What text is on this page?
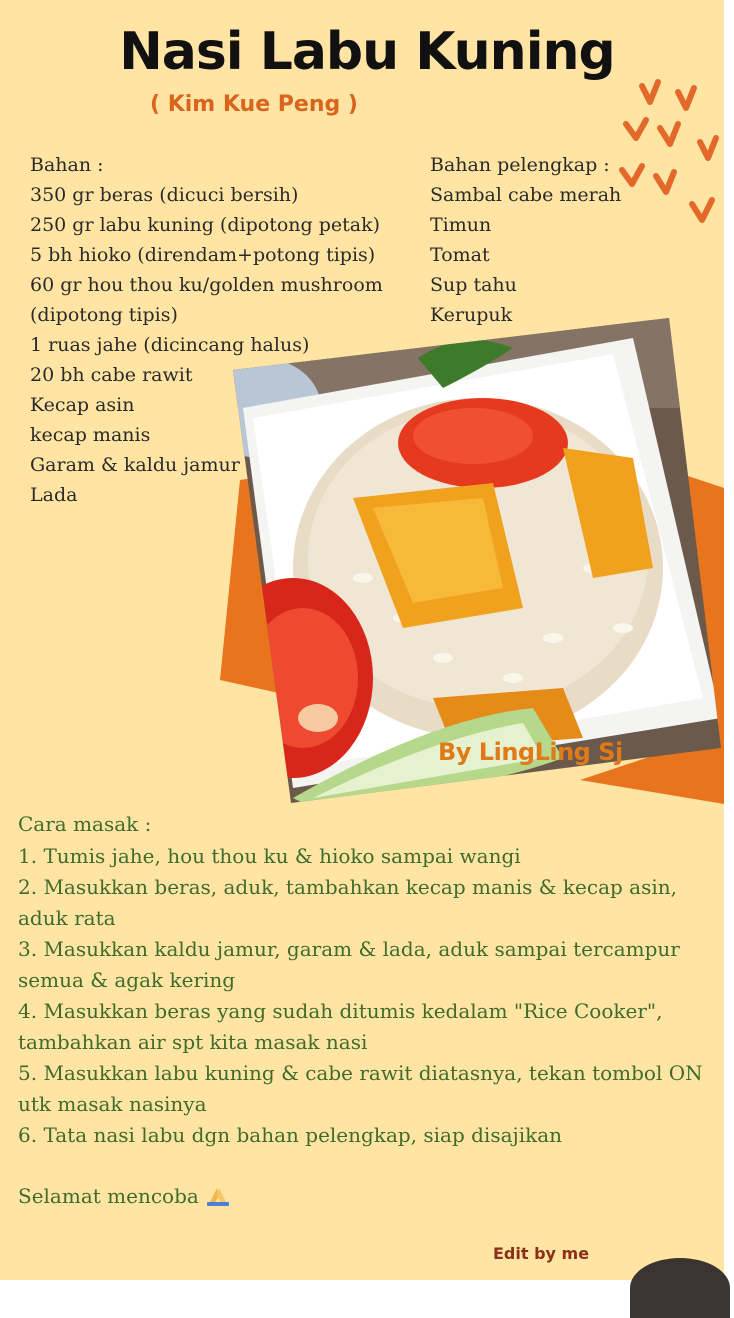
Nasi Labu Kuning
( Kim Kue Peng )
Bahan :
350 gr beras (dicuci bersih)
250 gr labu kuning (dipotong petak)
5 bh hioko (direndam+potong tipis)
60 gr hou thou ku/golden mushroom
(dipotong tipis)
1 ruas jahe (dicincang halus)
20 bh cabe rawit
Kecap asin
kecap manis
Garam & kaldu jamur
Lada
Bahan pelengkap :
Sambal cabe merah
Timun
Tomat
Sup tahu
Kerupuk
By LingLing Sj
Cara masak :
1. Tumis jahe, hou thou ku & hioko sampai wangi
2. Masukkan beras, aduk, tambahkan kecap manis & kecap asin, aduk rata
3. Masukkan kaldu jamur, garam & lada, aduk sampai tercampur semua & agak kering
4. Masukkan beras yang sudah ditumis kedalam "Rice Cooker", tambahkan air spt kita masak nasi
5. Masukkan labu kuning & cabe rawit diatasnya, tekan tombol ON utk masak nasinya
6. Tata nasi labu dgn bahan pelengkap, siap disajikan
Selamat mencoba
Edit by me
